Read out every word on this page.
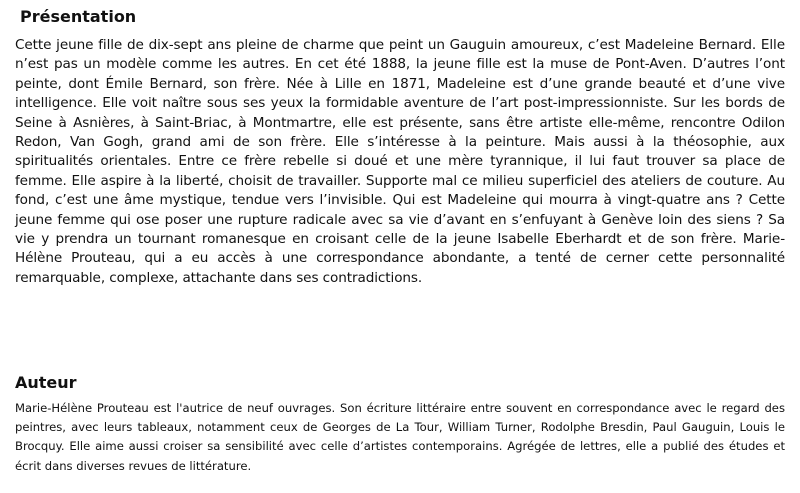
Présentation

Cette jeune fille de dix-sept ans pleine de charme que peint un Gauguin amoureux, c’est Madeleine Bernard. Elle n’est pas un modèle comme les autres. En cet été 1888, la jeune fille est la muse de Pont-Aven. D’autres l’ont peinte, dont Émile Bernard, son frère. Née à Lille en 1871, Madeleine est d’une grande beauté et d’une vive intelligence. Elle voit naître sous ses yeux la formidable aventure de l’art post-impressionniste. Sur les bords de Seine à Asnières, à Saint-Briac, à Montmartre, elle est présente, sans être artiste elle-même, rencontre Odilon Redon, Van Gogh, grand ami de son frère. Elle s’intéresse à la peinture. Mais aussi à la théosophie, aux spiritualités orientales. Entre ce frère rebelle si doué et une mère tyrannique, il lui faut trouver sa place de femme. Elle aspire à la liberté, choisit de travailler. Supporte mal ce milieu superficiel des ateliers de couture. Au fond, c’est une âme mystique, tendue vers l’invisible. Qui est Madeleine qui mourra à vingt-quatre ans ? Cette jeune femme qui ose poser une rupture radicale avec sa vie d’avant en s’enfuyant à Genève loin des siens ? Sa vie y prendra un tournant romanesque en croisant celle de la jeune Isabelle Eberhardt et de son frère. Marie-Hélène Prouteau, qui a eu accès à une correspondance abondante, a tenté de cerner cette personnalité remarquable, complexe, attachante dans ses contradictions.

Auteur

Marie-Hélène Prouteau est l'autrice de neuf ouvrages. Son écriture littéraire entre souvent en correspondance avec le regard des peintres, avec leurs tableaux, notamment ceux de Georges de La Tour, William Turner, Rodolphe Bresdin, Paul Gauguin, Louis le Brocquy. Elle aime aussi croiser sa sensibilité avec celle d’artistes contemporains. Agrégée de lettres, elle a publié des études et écrit dans diverses revues de littérature.
